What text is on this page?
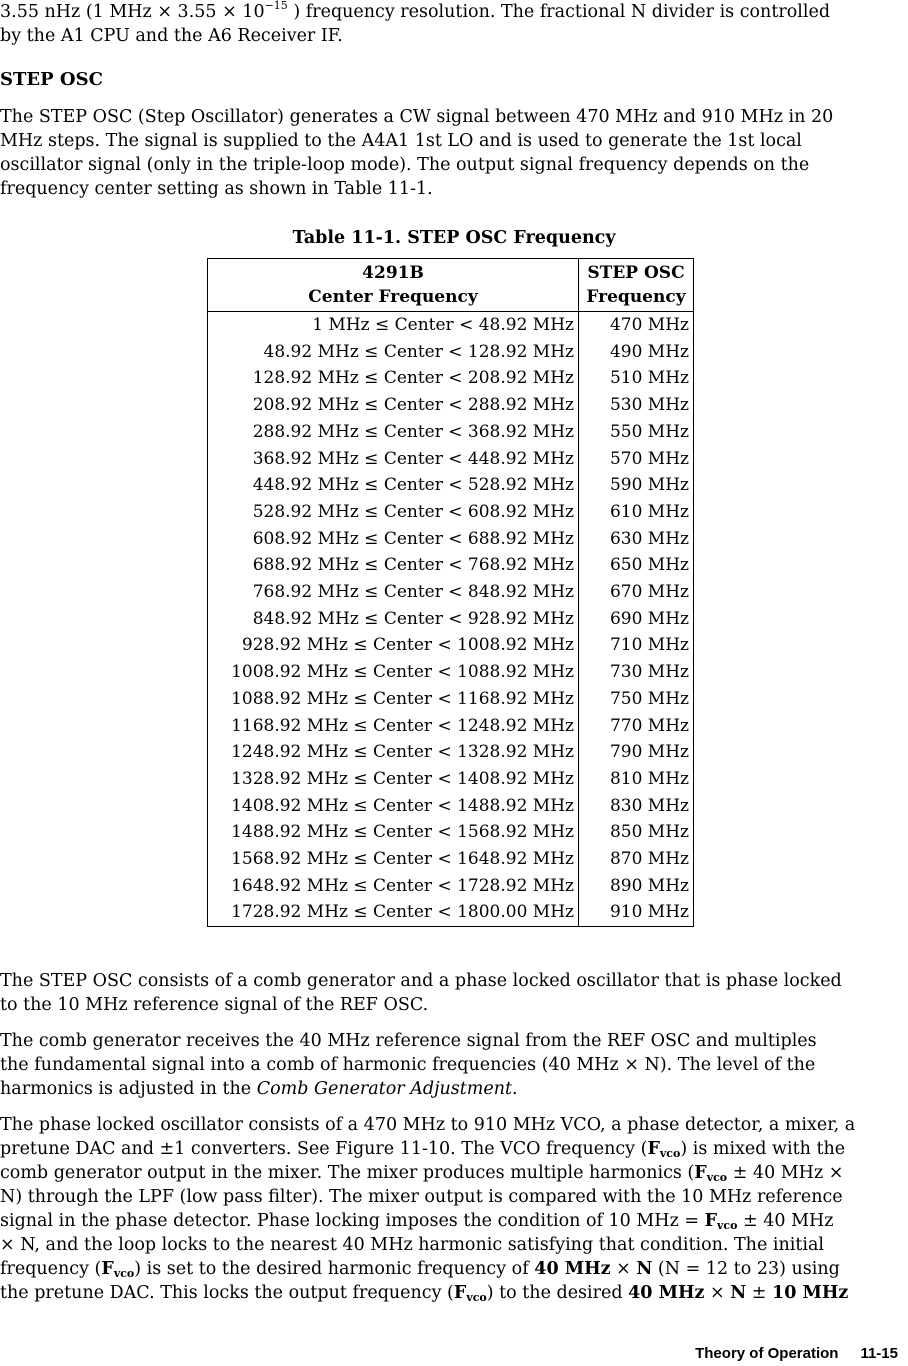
3.55 nHz (1 MHz × $3.55 \times 10^{-15}$ ) frequency resolution. The fractional N divider is controlled

by the A1 CPU and the A6 Receiver IF.

STEP OSC

The STEP OSC (Step Oscillator) generates a CW signal between 470 MHz and 910 MHz in 20

MHz steps. The signal is supplied to the A4A1 1st LO and is used to generate the 1st local

oscillator signal (only in the triple-loop mode). The output signal frequency depends on the

frequency center setting as shown in Table 11-1.

Table 11-1. STEP OSC Frequency
4291B
Center Frequency	STEP OSC
Frequency
1 MHz ≤ Center < 48.92 MHz	470 MHz
48.92 MHz ≤ Center < 128.92 MHz	490 MHz
128.92 MHz ≤ Center < 208.92 MHz	510 MHz
208.92 MHz ≤ Center < 288.92 MHz	530 MHz
288.92 MHz ≤ Center < 368.92 MHz	550 MHz
368.92 MHz ≤ Center < 448.92 MHz	570 MHz
448.92 MHz ≤ Center < 528.92 MHz	590 MHz
528.92 MHz ≤ Center < 608.92 MHz	610 MHz
608.92 MHz ≤ Center < 688.92 MHz	630 MHz
688.92 MHz ≤ Center < 768.92 MHz	650 MHz
768.92 MHz ≤ Center < 848.92 MHz	670 MHz
848.92 MHz ≤ Center < 928.92 MHz	690 MHz
928.92 MHz ≤ Center < 1008.92 MHz	710 MHz
1008.92 MHz ≤ Center < 1088.92 MHz	730 MHz
1088.92 MHz ≤ Center < 1168.92 MHz	750 MHz
1168.92 MHz ≤ Center < 1248.92 MHz	770 MHz
1248.92 MHz ≤ Center < 1328.92 MHz	790 MHz
1328.92 MHz ≤ Center < 1408.92 MHz	810 MHz
1408.92 MHz ≤ Center < 1488.92 MHz	830 MHz
1488.92 MHz ≤ Center < 1568.92 MHz	850 MHz
1568.92 MHz ≤ Center < 1648.92 MHz	870 MHz
1648.92 MHz ≤ Center < 1728.92 MHz	890 MHz
1728.92 MHz ≤ Center < 1800.00 MHz	910 MHz

The STEP OSC consists of a comb generator and a phase locked oscillator that is phase locked

to the 10 MHz reference signal of the REF OSC.

The comb generator receives the 40 MHz reference signal from the REF OSC and multiples

the fundamental signal into a comb of harmonic frequencies (40 MHz × N). The level of the

harmonics is adjusted in the Comb Generator Adjustment.

The phase locked oscillator consists of a 470 MHz to 910 MHz VCO, a phase detector, a mixer, a

pretune DAC and ±1 converters. See Figure 11-10. The VCO frequency $(F_{vco})$ is mixed with the

comb generator output in the mixer. The mixer produces multiple harmonics ($F_{vco} \pm 40$ MHz ×

N) through the LPF (low pass filter). The mixer output is compared with the 10 MHz reference

signal in the phase detector. Phase locking imposes the condition of 10 MHz = $F_{vco} \pm 40$ MHz

× N, and the loop locks to the nearest 40 MHz harmonic satisfying that condition. The initial

frequency $(F_{vco})$ is set to the desired harmonic frequency of 40 MHz × N (N = 12 to 23) using

the pretune DAC. This locks the output frequency $(F_{vco})$ to the desired 40 MHz × N ± 10 MHz

Theory of Operation 11-15
